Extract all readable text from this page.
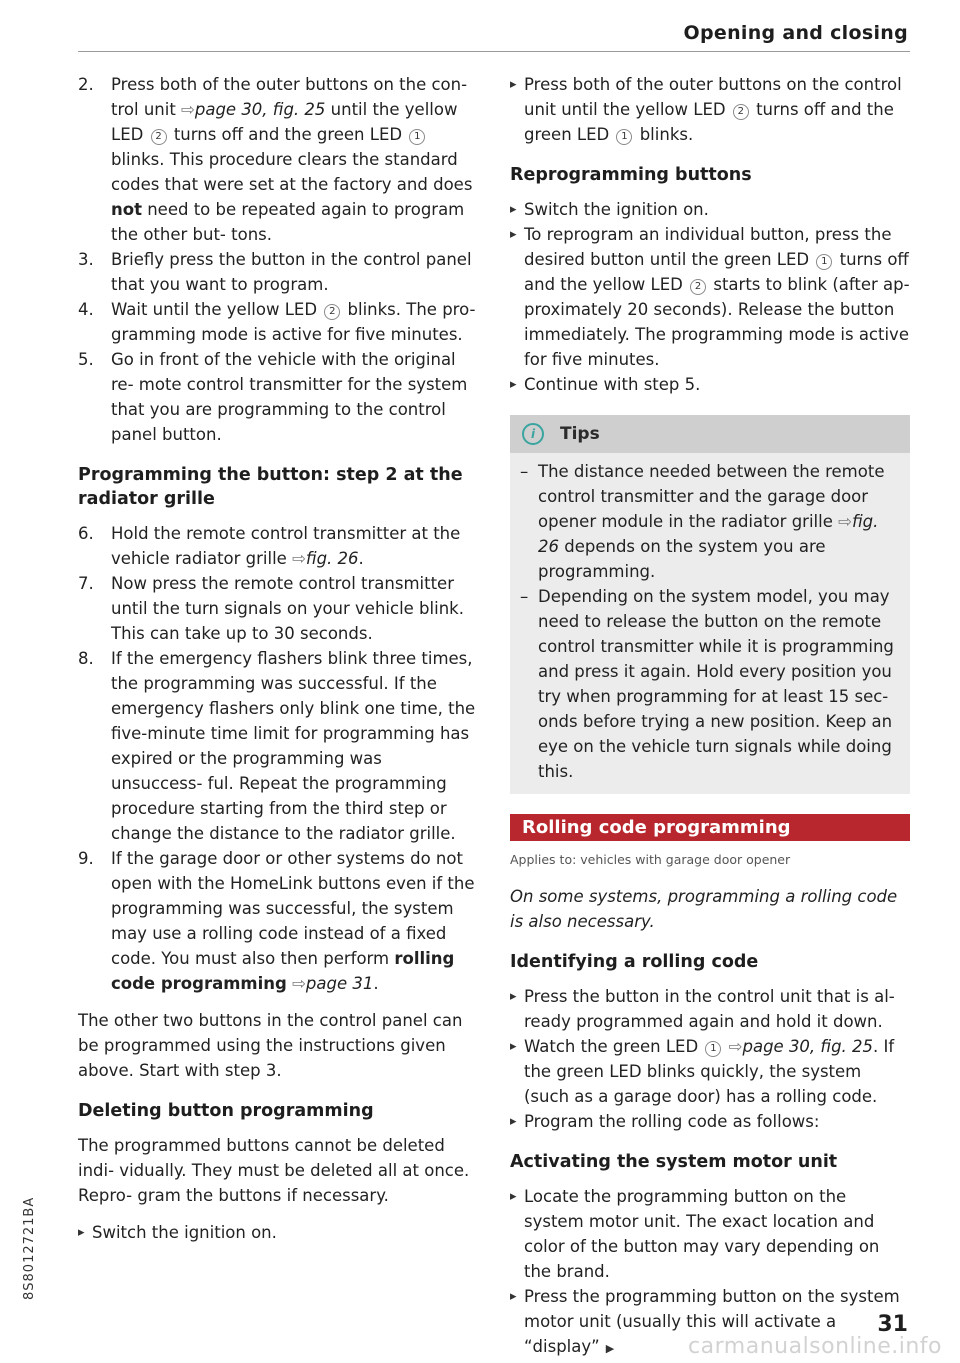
Opening and closing
2.	Press both of the outer buttons on the con- trol unit ⇨page 30, fig. 25 until the yellow LED 2 turns off and the green LED 1 blinks. This procedure clears the standard codes that were set at the factory and does not need to be repeated again to program the other but- tons.
3.	Briefly press the button in the control panel that you want to program.
4.	Wait until the yellow LED 2 blinks. The pro- gramming mode is active for five minutes.
5.	Go in front of the vehicle with the original re- mote control transmitter for the system that you are programming to the control panel button.
Programming the button: step 2 at the radiator grille
6.	Hold the remote control transmitter at the vehicle radiator grille ⇨fig. 26.
7.	Now press the remote control transmitter until the turn signals on your vehicle blink. This can take up to 30 seconds.
8.	If the emergency flashers blink three times, the programming was successful. If the emergency flashers only blink one time, the five-minute time limit for programming has expired or the programming was unsuccess- ful. Repeat the programming procedure starting from the third step or change the distance to the radiator grille.
9.	If the garage door or other systems do not open with the HomeLink buttons even if the programming was successful, the system may use a rolling code instead of a fixed code. You must also then perform rolling code programming ⇨page 31.

The other two buttons in the control panel can be programmed using the instructions given above. Start with step 3.

Deleting button programming

The programmed buttons cannot be deleted indi- vidually. They must be deleted all at once. Repro- gram the buttons if necessary.

▸ Switch the ignition on.
▸ Press both of the outer buttons on the control unit until the yellow LED 2 turns off and the green LED 1 blinks.
Reprogramming buttons
▸ Switch the ignition on.
▸ To reprogram an individual button, press the desired button until the green LED 1 turns off and the yellow LED 2 starts to blink (after ap- proximately 20 seconds). Release the button immediately. The programming mode is active for five minutes.
▸ Continue with step 5.
i	Tips
– The distance needed between the remote control transmitter and the garage door opener module in the radiator grille ⇨fig. 26 depends on the system you are programming.
– Depending on the system model, you may need to release the button on the remote control transmitter while it is programming and press it again. Hold every position you try when programming for at least 15 sec- onds before trying a new position. Keep an eye on the vehicle turn signals while doing this.
Rolling code programming
Applies to: vehicles with garage door opener

On some systems, programming a rolling code is also necessary.

Identifying a rolling code
▸ Press the button in the control unit that is al- ready programmed again and hold it down.
▸ Watch the green LED 1 ⇨page 30, fig. 25. If the green LED blinks quickly, the system (such as a garage door) has a rolling code.
▸ Program the rolling code as follows:
Activating the system motor unit
▸ Locate the programming button on the system motor unit. The exact location and color of the button may vary depending on the brand.
▸ Press the programming button on the system motor unit (usually this will activate a “display” ▶
8S8012721BA
31
carmanualsonline.info
